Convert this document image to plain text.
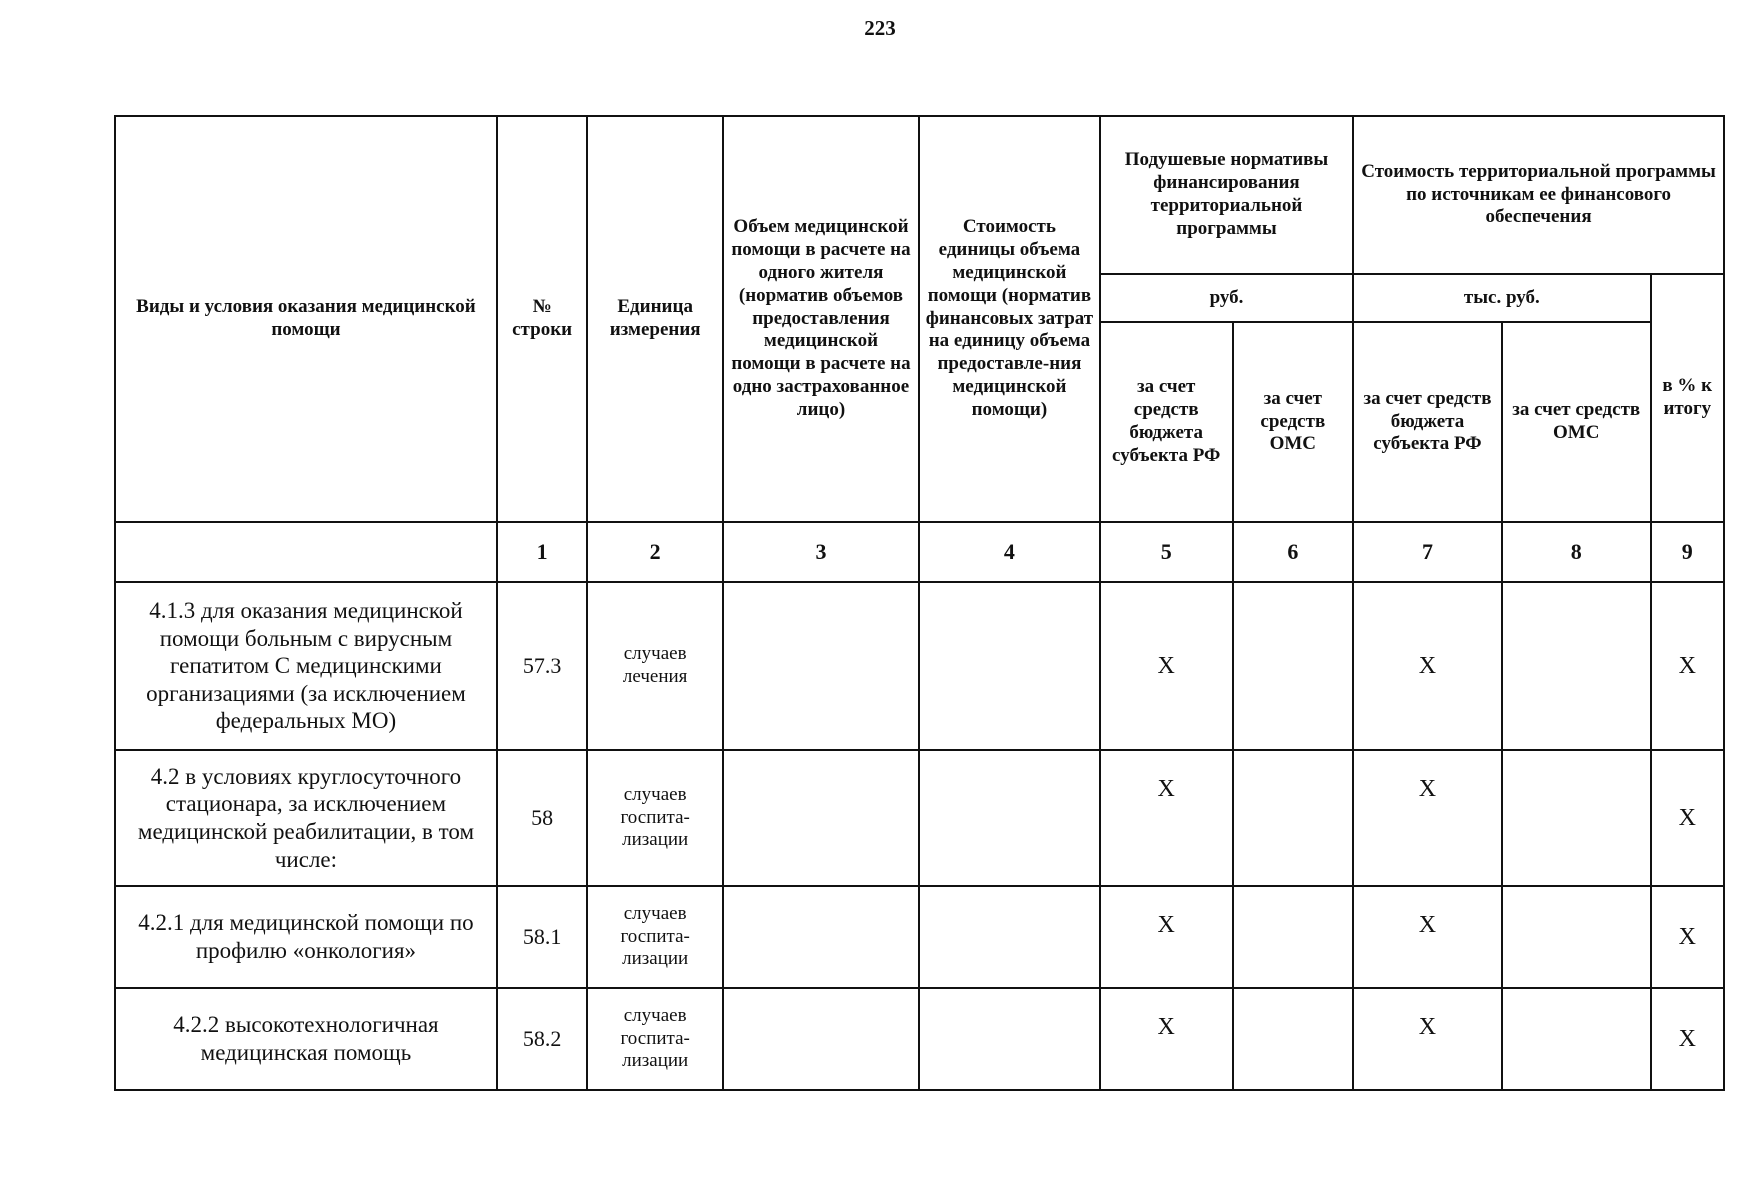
223
Виды и условия оказания медицинской помощи	№ строки	Единица измерения	Объем медицинской помощи в расчете на одного жителя (норматив объемов предоставления медицинской помощи в расчете на одно застрахованное лицо)	Стоимость единицы объема медицинской помощи (норматив финансовых затрат на единицу объема предоставле-ния медицинской помощи)	Подушевые нормативы финансирования территориальной программы		Стоимость территориальной программы по источникам ее финансового обеспечения		
					руб.		тыс. руб.		в % к итогу
					за счет средств бюджета субъекта РФ	за счет средств ОМС	за счет средств бюджета субъекта РФ	за счет средств ОМС	
	1	2	3	4	5	6	7	8	9
4.1.3 для оказания медицинской помощи больным с вирусным гепатитом С медицинскими организациями (за исключением федеральных МО)	57.3	случаев лечения			Х		Х		Х
4.2 в условиях круглосуточного стационара, за исключением медицинской реабилитации, в том числе:	58	случаев госпита-лизации			Х		Х		Х
4.2.1 для медицинской помощи по профилю «онкология»	58.1	случаев госпита-лизации			Х		Х		Х
4.2.2 высокотехнологичная медицинская помощь	58.2	случаев госпита-лизации			Х		Х		Х
